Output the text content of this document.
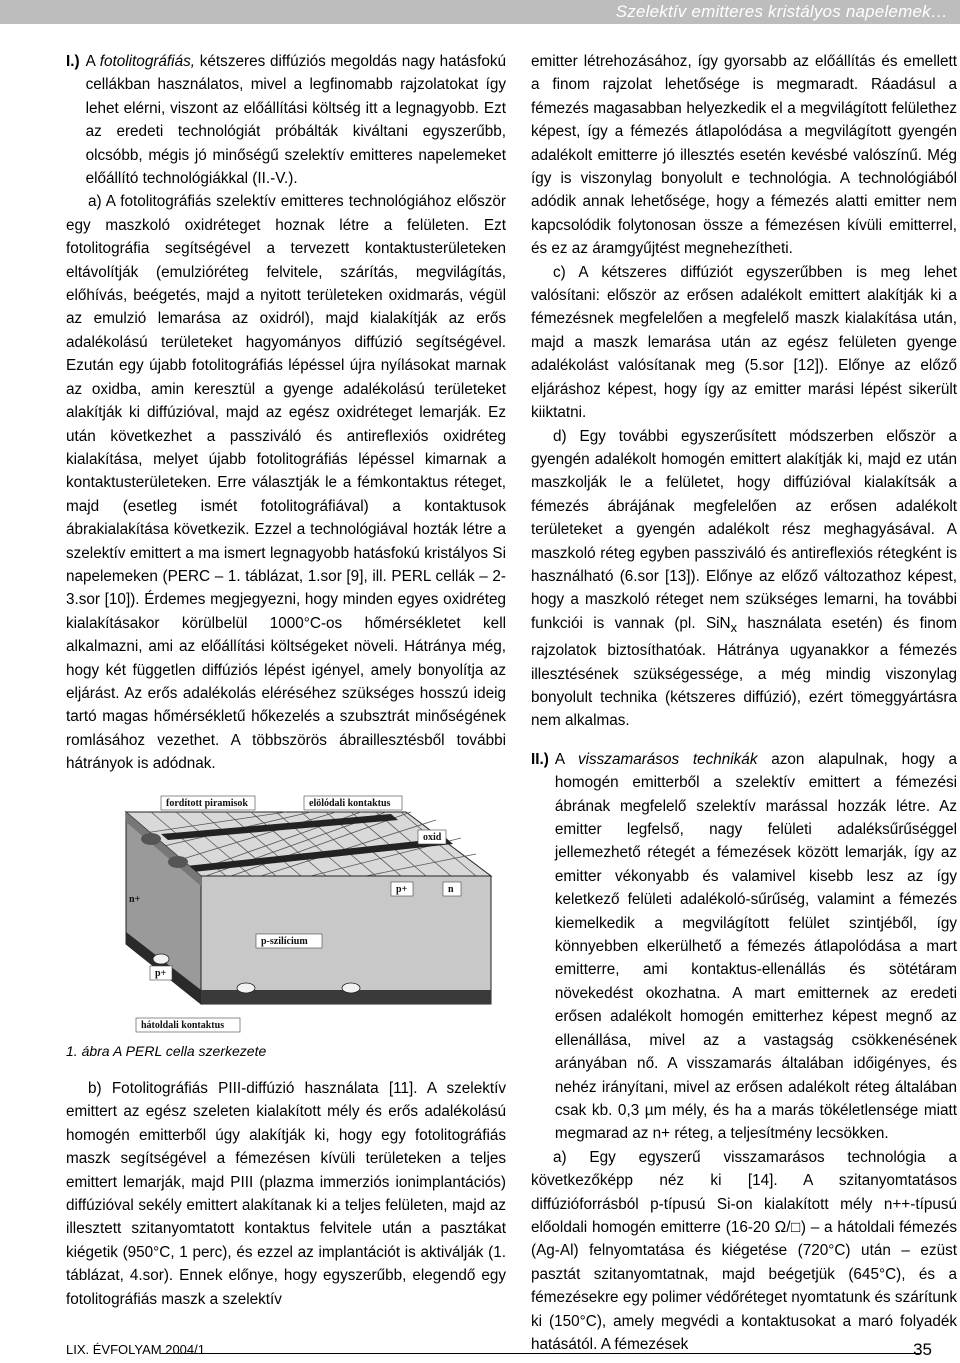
Szelektív emitteres kristályos napelemek…
I.) A fotolitográfiás, kétszeres diffúziós megoldás nagy hatásfokú cellákban használatos, mivel a legfinomabb rajzolatokat így lehet elérni, viszont az előállítási költség itt a legnagyobb. Ezt az eredeti technológiát próbálták kiváltani egyszerűbb, olcsóbb, mégis jó minőségű szelektív emitteres napelemeket előállító technológiákkal (II.-V.).

a) A fotolitográfiás szelektív emitteres technológiához először egy maszkoló oxidréteget hoznak létre a felületen. Ezt fotolitográfia segítségével a tervezett kontaktusterületeken eltávolítják (emulzióréteg felvitele, szárítás, megvilágítás, előhívás, beégetés, majd a nyitott területeken oxidmarás, végül az emulzió lemarása az oxidról), majd kialakítják az erős adalékolású területeket hagyományos diffúzió segítségével. Ezután egy újabb fotolitográfiás lépéssel újra nyílásokat marnak az oxidba, amin keresztül a gyenge adalékolású területeket alakítják ki diffúzióval, majd az egész oxidréteget lemarják. Ez után következhet a passziváló és antireflexiós oxidréteg kialakítása, melyet újabb fotolitográfiás lépéssel kimarnak a kontaktusterületeken. Erre választják le a fémkontaktus réteget, majd (esetleg ismét fotolitográfiával) a kontaktusok ábrakialakítása következik. Ezzel a technológiával hozták létre a szelektív emittert a ma ismert legnagyobb hatásfokú kristályos Si napelemeken (PERC – 1. táblázat, 1.sor [9], ill. PERL cellák – 2-3.sor [10]). Érdemes megjegyezni, hogy minden egyes oxidréteg kialakításakor körülbelül 1000°C-os hőmérsékletet kell alkalmazni, ami az előállítási költségeket növeli. Hátránya még, hogy két független diffúziós lépést igényel, amely bonyolítja az eljárást. Az erős adalékolás eléréséhez szükséges hosszú ideig tartó magas hőmérsékletű hőkezelés a szubsztrát minőségének romlásához vezethet. A többszörös ábraillesztésből további hátrányok is adódnak.

fordított piramisok	elölódali kontaktus
oxid
p+	n
n+
p-szilícium
p+
hátoldali kontaktus
1. ábra A PERL cella szerkezete

b) Fotolitográfiás PIII-diffúzió használata [11]. A szelektív emittert az egész szeleten kialakított mély és erős adalékolású homogén emitterből úgy alakítják ki, hogy egy fotolitográfiás maszk segítségével a fémezésen kívüli területeken a teljes emittert lemarják, majd PIII (plazma immerziós ionimplantációs) diffúzióval sekély emittert alakítanak ki a teljes felületen, majd az illesztett szitanyomtatott kontaktus felvitele után a pasztákat kiégetik (950°C, 1 perc), és ezzel az implantációt is aktiválják (1. táblázat, 4.sor). Ennek előnye, hogy egyszerűbb, elegendő egy fotolitográfiás maszk a szelektív

emitter létrehozásához, így gyorsabb az előállítás és emellett a finom rajzolat lehetősége is megmaradt. Ráadásul a fémezés magasabban helyezkedik el a megvilágított felülethez képest, így a fémezés átlapolódása a megvilágított gyengén adalékolt emitterre jó illesztés esetén kevésbé valószínű. Még így is viszonylag bonyolult e technológia. A technológiából adódik annak lehetősége, hogy a fémezés alatti emitter nem kapcsolódik folytonosan össze a fémezésen kívüli emitterrel, és ez az áramgyűjtést megnehezítheti.

c) A kétszeres diffúziót egyszerűbben is meg lehet valósítani: először az erősen adalékolt emittert alakítják ki a fémezésnek megfelelően a megfelelő maszk kialakítása után, majd a maszk lemarása után az egész felületen gyenge adalékolást valósítanak meg (5.sor [12]). Előnye az előző eljáráshoz képest, hogy így az emitter marási lépést sikerült kiiktatni.

d) Egy további egyszerűsített módszerben először a gyengén adalékolt homogén emittert alakítják ki, majd ez után maszkolják le a felületet, hogy diffúzióval kialakítsák a fémezés ábrájának megfelelően az erősen adalékolt területeket a gyengén adalékolt rész meghagyásával. A maszkoló réteg egyben passziváló és antireflexiós rétegként is használható (6.sor [13]). Előnye az előző változathoz képest, hogy a maszkoló réteget nem szükséges lemarni, ha további funkciói is vannak (pl. SiN$_x$ használata esetén) és finom rajzolatok biztosíthatóak. Hátránya ugyanakkor a fémezés illesztésének szükségessége, a még mindig viszonylag bonyolult technika (kétszeres diffúzió), ezért tömeggyártásra nem alkalmas.

II.) A visszamarásos technikák azon alapulnak, hogy a homogén emitterből a szelektív emittert a fémezési ábrának megfelelő szelektív marással hozzák létre. Az emitter legfelső, nagy felületi adaléksűrűséggel jellemezhető rétegét a fémezések között lemarják, így az emitter vékonyabb és valamivel kisebb lesz az így keletkező felületi adalékoló-sűrűség, valamint a fémezés kiemelkedik a megvilágított felület szintjéből, így könnyebben elkerülhető a fémezés átlapolódása a mart emitterre, ami kontaktus-ellenállás és sötétáram növekedést okozhatna. A mart emitternek az eredeti erősen adalékolt homogén emitterhez képest megnő az ellenállása, mivel az a vastagság csökkenésének arányában nő. A visszamarás általában időigényes, és nehéz irányítani, mivel az erősen adalékolt réteg általában csak kb. 0,3 µm mély, és ha a marás tökéletlensége miatt megmarad az n+ réteg, a teljesítmény lecsökken.

a) Egy egyszerű visszamarásos technológia a következőképp néz ki [14]. A szitanyomtatásos diffúzióforrásból p-típusú Si-on kialakított mély n++-típusú előoldali homogén emitterre (16-20 Ω/□) – a hátoldali fémezés (Ag-Al) felnyomtatása és kiégetése (720°C) után – ezüst pasztát szitanyomtatnak, majd beégetjük (645°C), és a fémezésekre egy polimer védőréteget nyomtatunk és szárítunk ki (150°C), amely megvédi a kontaktusokat a maró folyadék hatásától. A fémezések

LIX. ÉVFOLYAM 2004/1	35
